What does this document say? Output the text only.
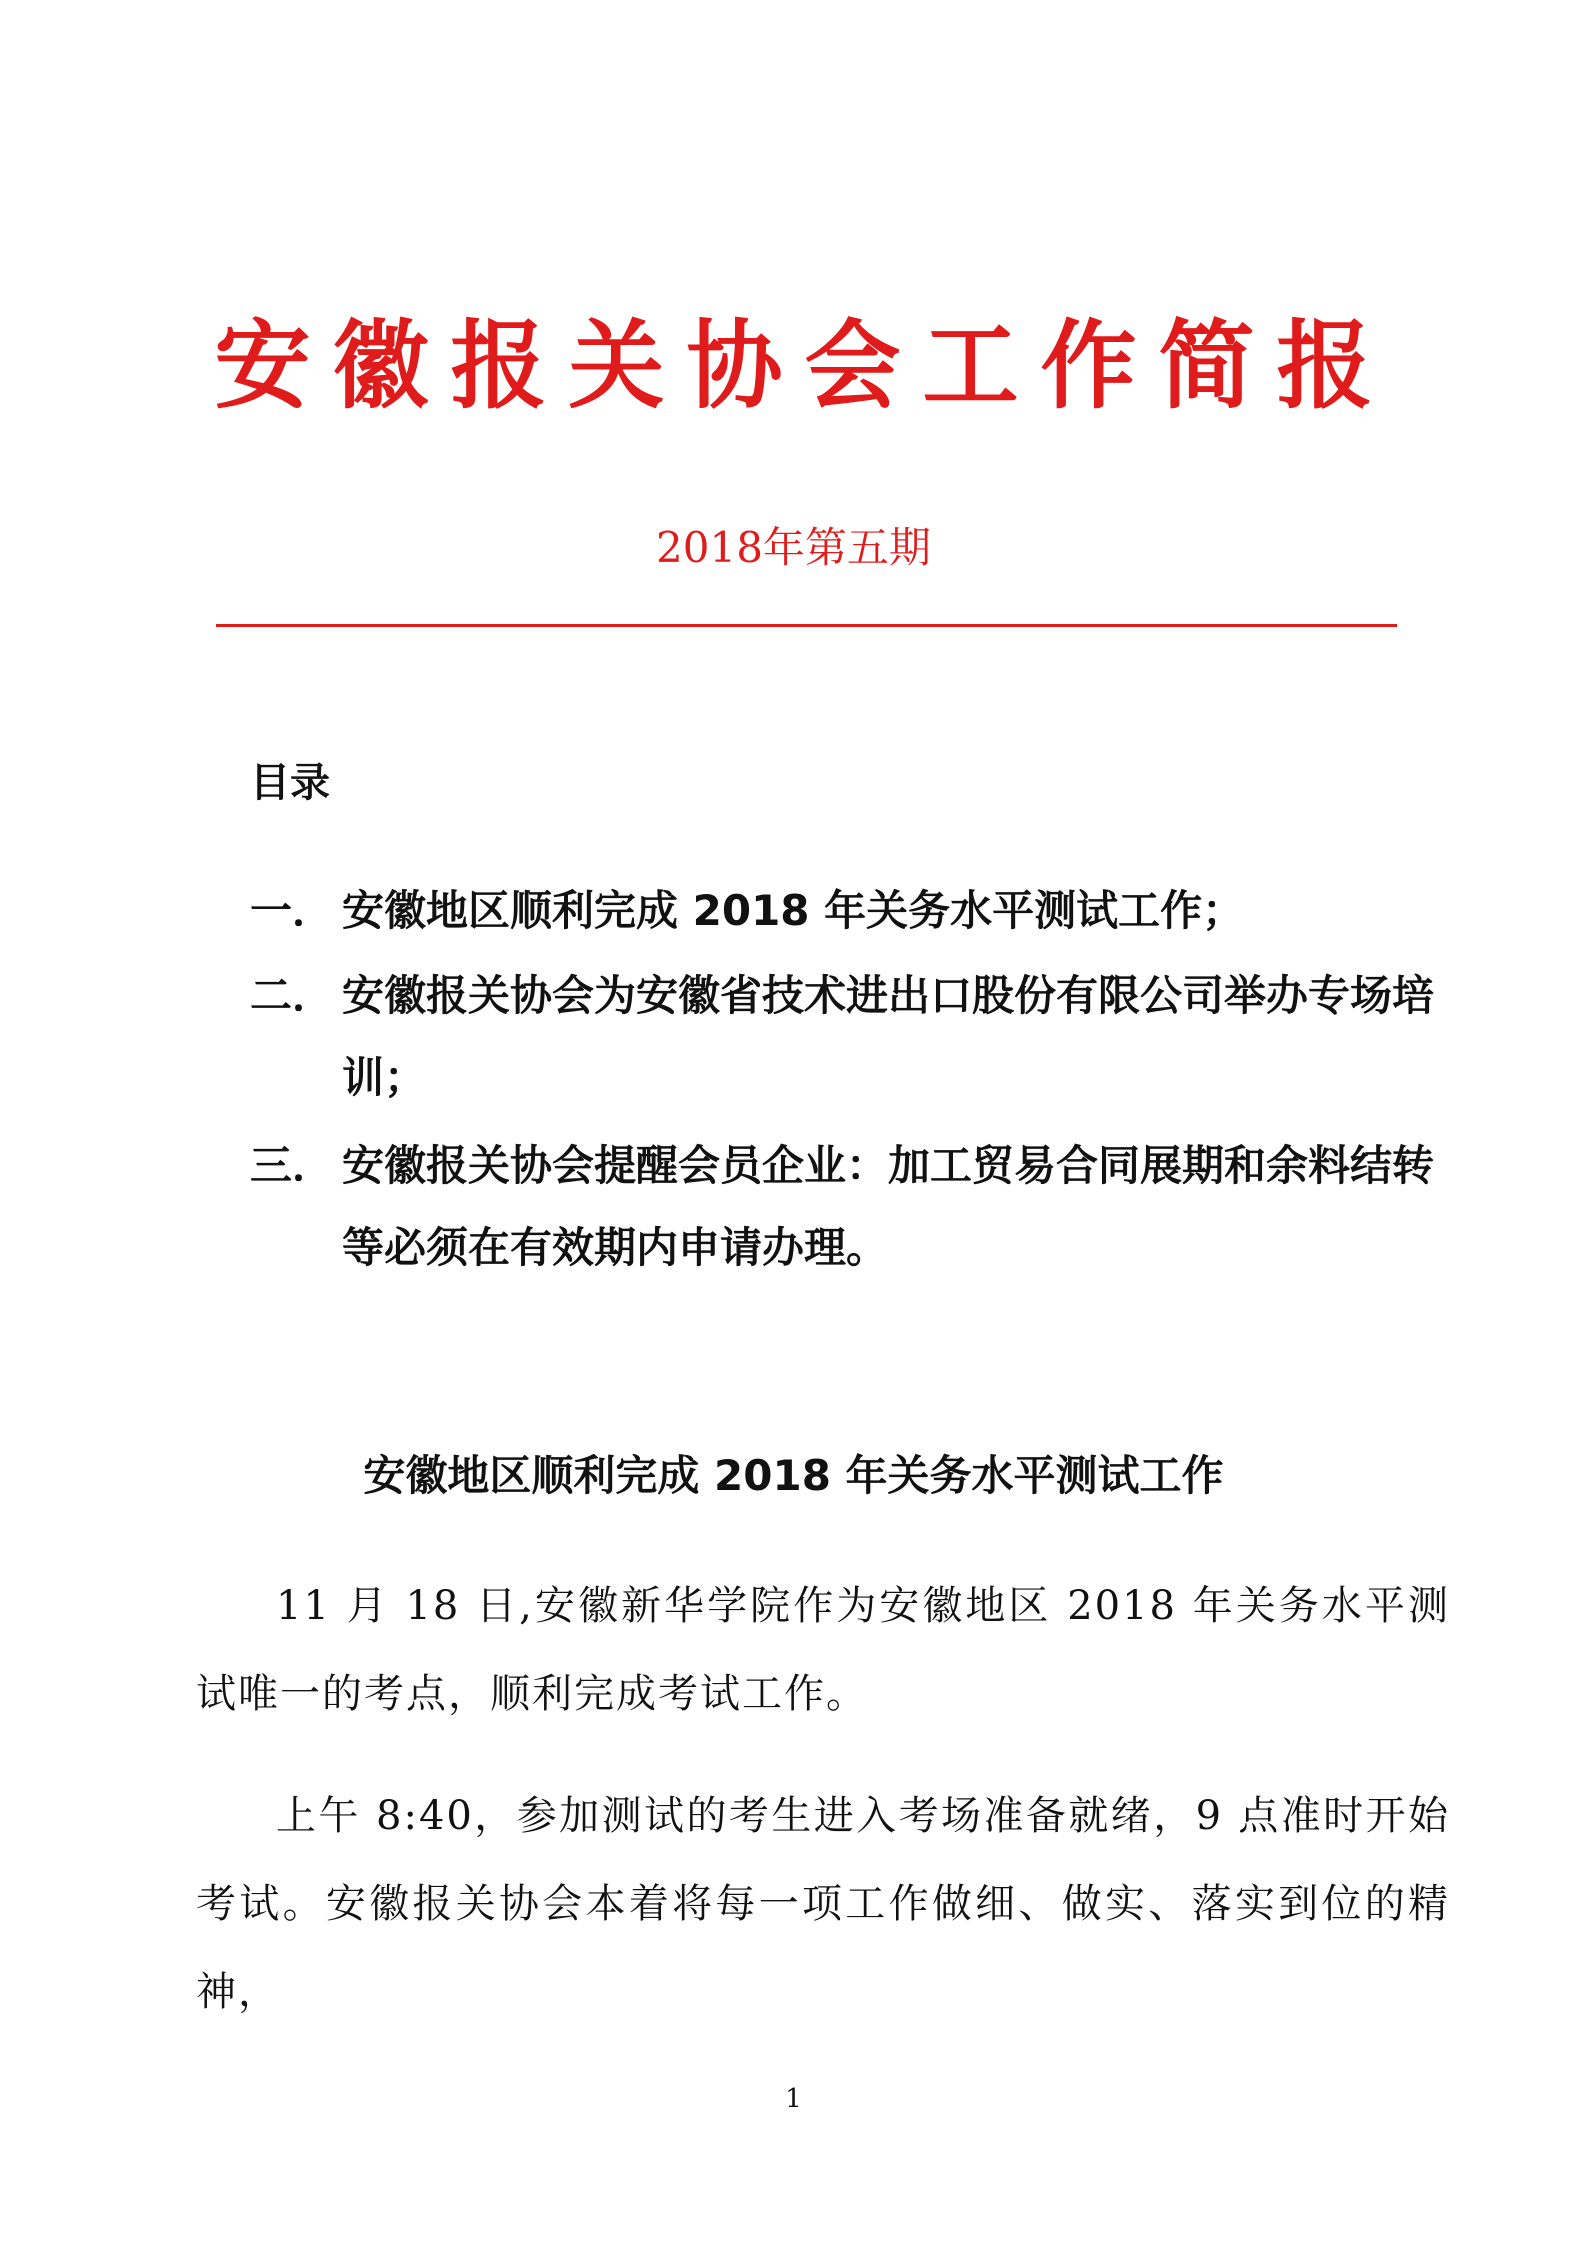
安徽报关协会工作简报
2018年第五期
目录
一． 安徽地区顺利完成 2018 年关务水平测试工作；
二． 安徽报关协会为安徽省技术进出口股份有限公司举办专场培训；
三． 安徽报关协会提醒会员企业：加工贸易合同展期和余料结转等必须在有效期内申请办理。
安徽地区顺利完成 2018 年关务水平测试工作
11 月 18 日,安徽新华学院作为安徽地区 2018 年关务水平测试唯一的考点，顺利完成考试工作。
上午 8:40，参加测试的考生进入考场准备就绪，9 点准时开始考试。安徽报关协会本着将每一项工作做细、做实、落实到位的精神，
1
